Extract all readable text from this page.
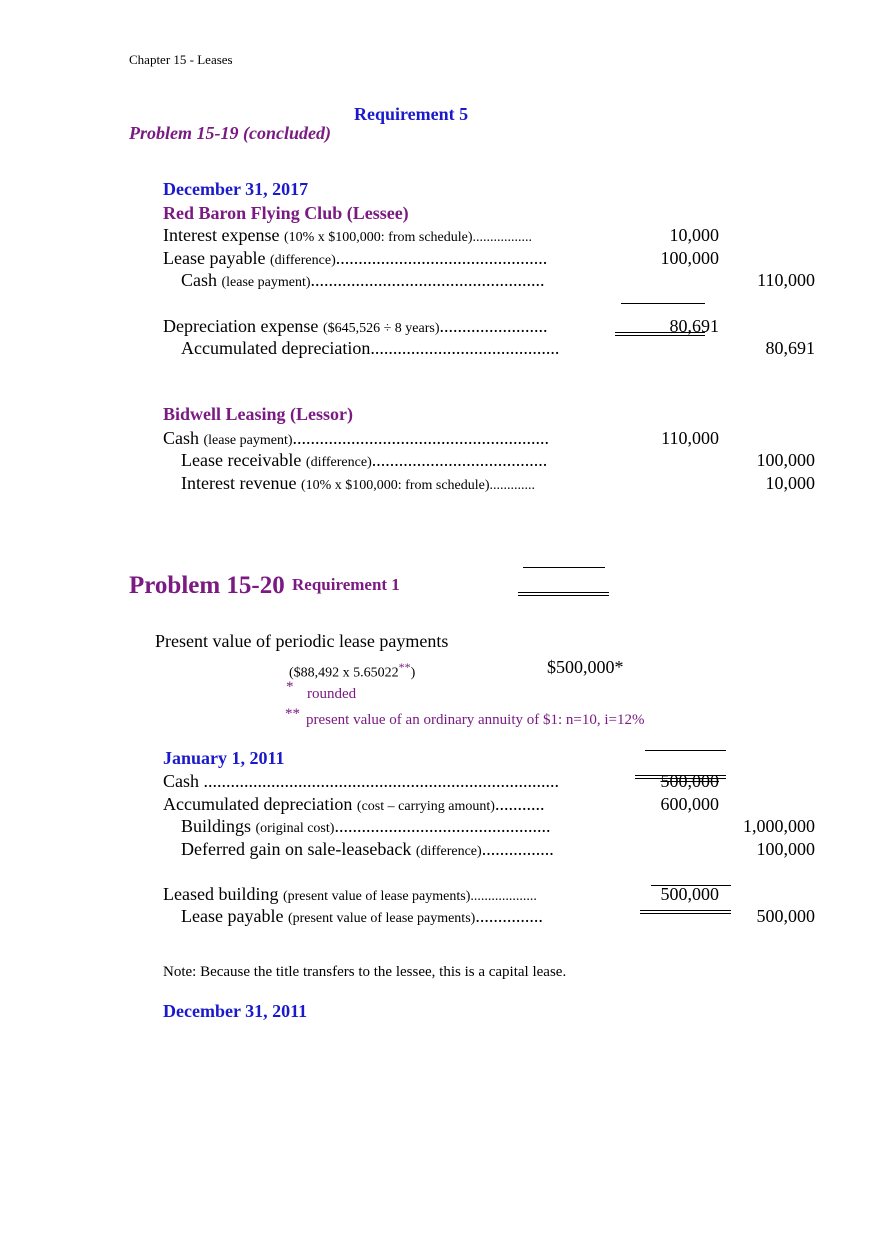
Chapter 15 - Leases
Requirement 5
Problem 15-19 (concluded)
December 31, 2017
Red Baron Flying Club (Lessee)
Interest expense (10% x $100,000: from schedule).................	10,000
Lease payable (difference)...............................................	100,000
Cash (lease payment)....................................................	110,000
Depreciation expense ($645,526 ÷ 8 years)........................	80,691
Accumulated depreciation..........................................	80,691
Bidwell Leasing (Lessor)
Cash (lease payment).........................................................	110,000
Lease receivable (difference).......................................	100,000
Interest revenue (10% x $100,000: from schedule).............	10,000
Problem 15-20 Requirement 1
Present value of periodic lease payments
($88,492 x 5.65022**)	$500,000*
* rounded
** present value of an ordinary annuity of $1: n=10, i=12%
January 1, 2011
Cash ...............................................................................	500,000
Accumulated depreciation (cost – carrying amount)...........	600,000
Buildings (original cost)................................................	1,000,000
Deferred gain on sale-leaseback (difference)................	100,000
Leased building (present value of lease payments)...................	500,000
Lease payable (present value of lease payments)...............	500,000
Note: Because the title transfers to the lessee, this is a capital lease.
December 31, 2011
